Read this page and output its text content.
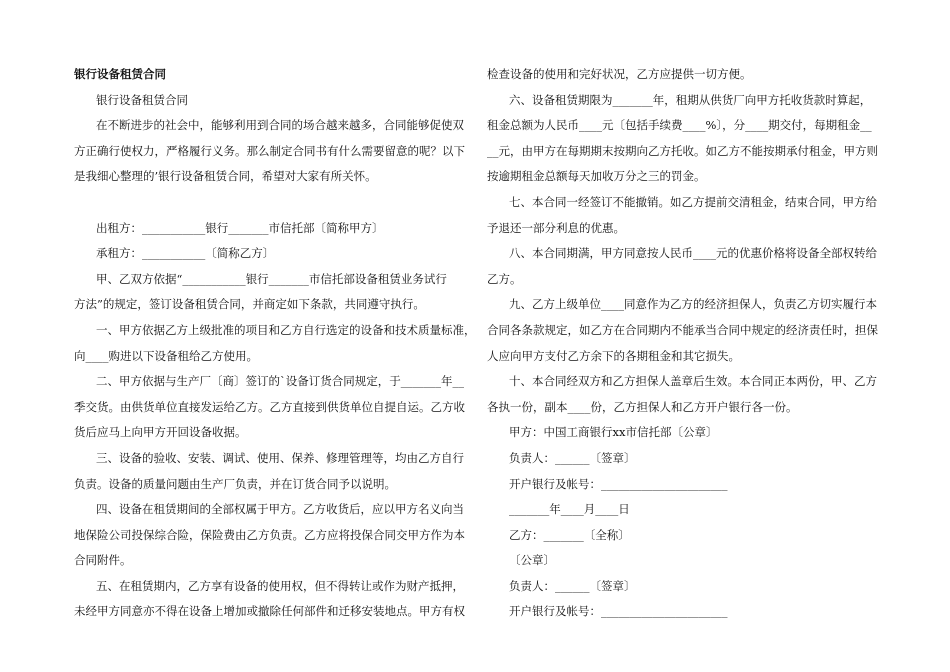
银行设备租赁合同
银行设备租赁合同
在不断进步的社会中，能够利用到合同的场合越来越多，合同能够促使双
方正确行使权力，严格履行义务。那么制定合同书有什么需要留意的呢？以下
是我细心整理的’银行设备租赁合同，希望对大家有所关怀。
出租方：___________银行_______市信托部〔简称甲方〕
承租方：___________〔简称乙方〕
甲、乙双方依据“___________银行_______市信托部设备租赁业务试行
方法”的规定，签订设备租赁合同，并商定如下条款，共同遵守执行。
一、甲方依据乙方上级批准的项目和乙方自行选定的设备和技术质量标准，
向____购进以下设备租给乙方使用。
二、甲方依据与生产厂〔商〕签订的`设备订货合同规定，于_______年__
季交货。由供货单位直接发运给乙方。乙方直接到供货单位自提自运。乙方收
货后应马上向甲方开回设备收据。
三、设备的验收、安装、调试、使用、保养、修理管理等，均由乙方自行
负责。设备的质量问题由生产厂负责，并在订货合同予以说明。
四、设备在租赁期间的全部权属于甲方。乙方收货后，应以甲方名义向当
地保险公司投保综合险，保险费由乙方负责。乙方应将投保合同交甲方作为本
合同附件。
五、在租赁期内，乙方享有设备的使用权，但不得转让或作为财产抵押，
未经甲方同意亦不得在设备上增加或撤除任何部件和迁移安装地点。甲方有权
检查设备的使用和完好状况，乙方应提供一切方便。
六、设备租赁期限为_______年，租期从供货厂向甲方托收货款时算起，
租金总额为人民币____元〔包括手续费____%〕，分____期交付，每期租金__
__元，由甲方在每期期末按期向乙方托收。如乙方不能按期承付租金，甲方则
按逾期租金总额每天加收万分之三的罚金。
七、本合同一经签订不能撤销。如乙方提前交清租金，结束合同，甲方给
予退还一部分利息的优惠。
八、本合同期满，甲方同意按人民币____元的优惠价格将设备全部权转给
乙方。
九、乙方上级单位____同意作为乙方的经济担保人，负责乙方切实履行本
合同各条款规定，如乙方在合同期内不能承当合同中规定的经济责任时，担保
人应向甲方支付乙方余下的各期租金和其它损失。
十、本合同经双方和乙方担保人盖章后生效。本合同正本两份，甲、乙方
各执一份，副本____份，乙方担保人和乙方开户银行各一份。
甲方：中国工商银行xx市信托部〔公章〕
负责人：______〔签章〕
开户银行及帐号：______________________
_______年____月____日
乙方：_______〔全称〕
〔公章〕
负责人：______〔签章〕
开户银行及帐号：______________________
